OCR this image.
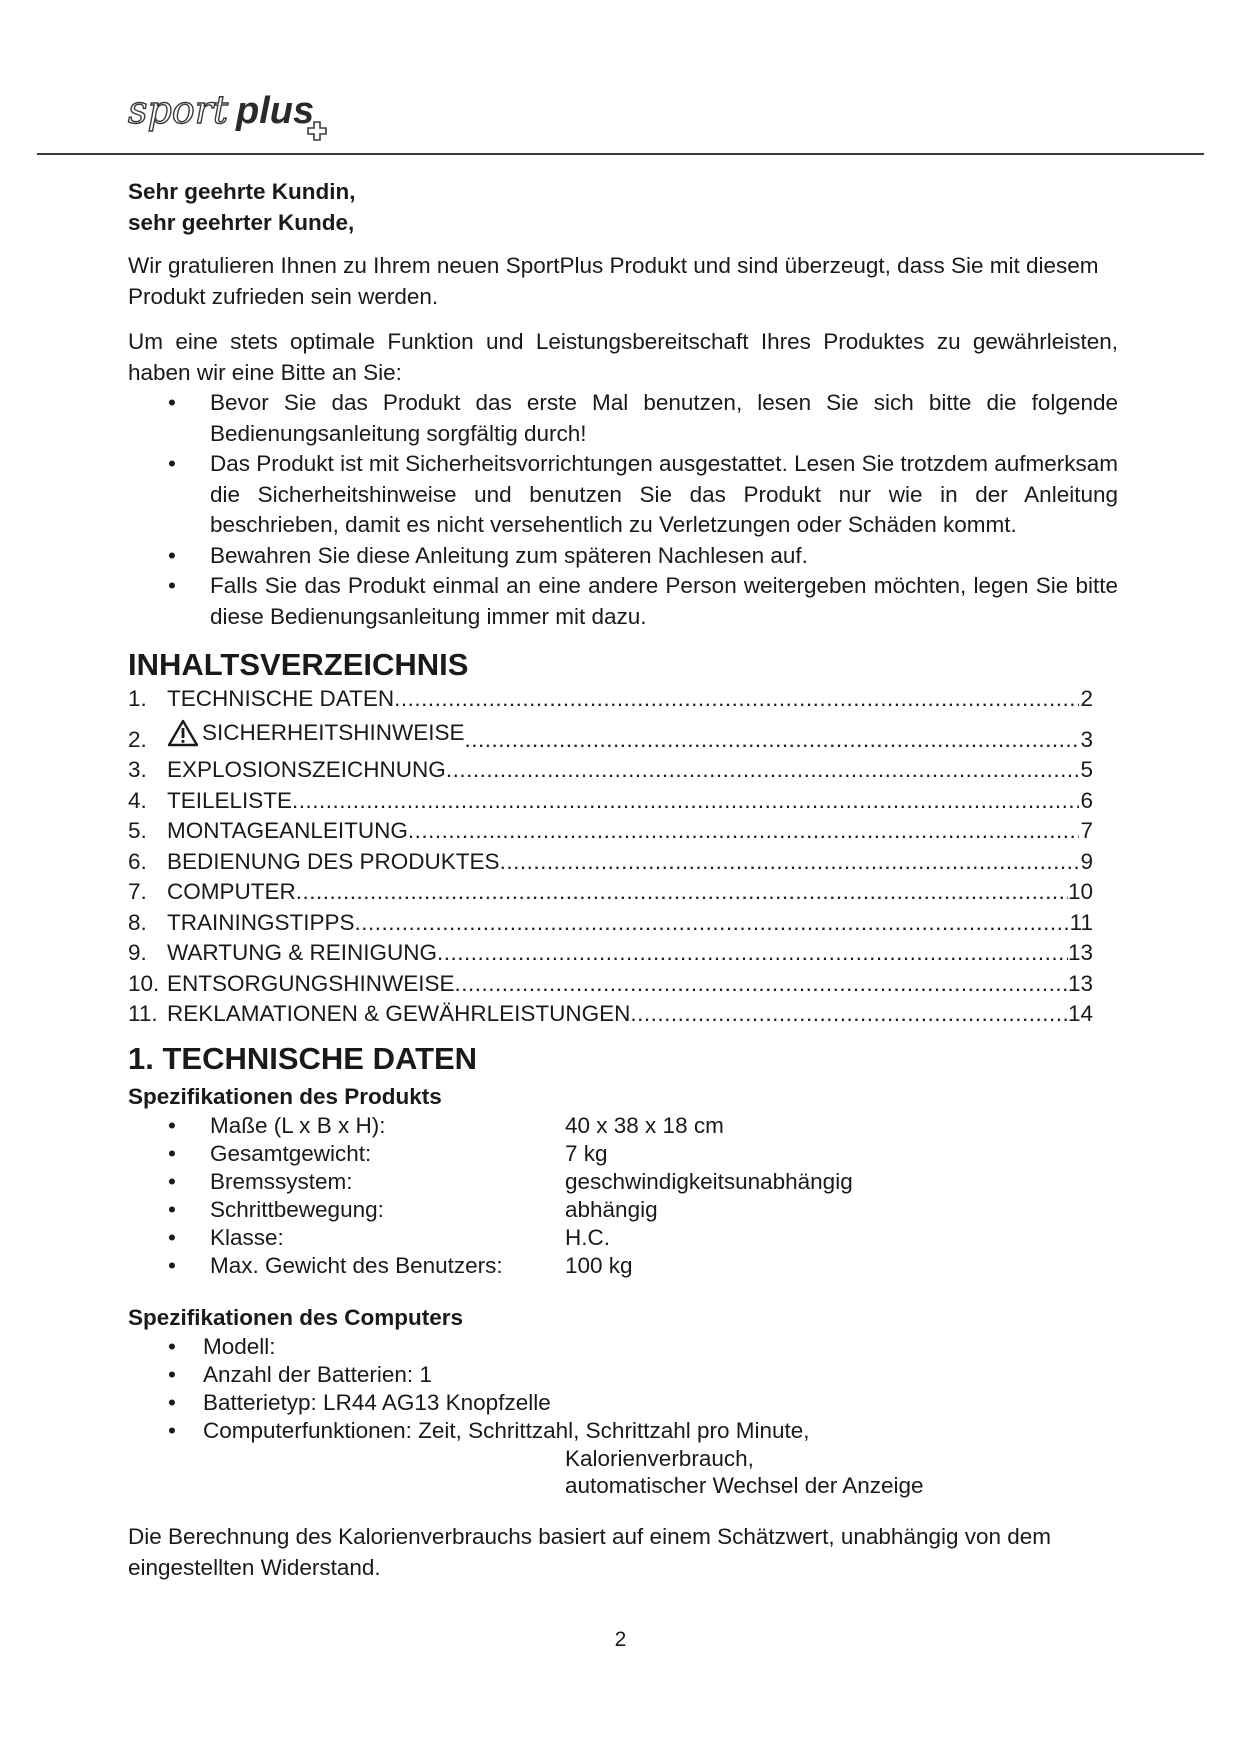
sport plus
Sehr geehrte Kundin,
sehr geehrter Kunde,

Wir gratulieren Ihnen zu Ihrem neuen SportPlus Produkt und sind überzeugt, dass Sie mit diesem Produkt zufrieden sein werden.

Um eine stets optimale Funktion und Leistungsbereitschaft Ihres Produktes zu gewährleisten, haben wir eine Bitte an Sie:

• Bevor Sie das Produkt das erste Mal benutzen, lesen Sie sich bitte die folgende Bedienungsanleitung sorgfältig durch!
• Das Produkt ist mit Sicherheitsvorrichtungen ausgestattet. Lesen Sie trotzdem aufmerksam die Sicherheitshinweise und benutzen Sie das Produkt nur wie in der Anleitung beschrieben, damit es nicht versehentlich zu Verletzungen oder Schäden kommt.
• Bewahren Sie diese Anleitung zum späteren Nachlesen auf.
• Falls Sie das Produkt einmal an eine andere Person weitergeben möchten, legen Sie bitte diese Bedienungsanleitung immer mit dazu.
INHALTSVERZEICHNIS
1. TECHNISCHE DATEN .....	2
2.	SICHERHEITSHINWEISE .....	3
3. EXPLOSIONSZEICHNUNG .....	5
4. TEILELISTE .....	6
5. MONTAGEANLEITUNG .....	7
6. BEDIENUNG DES PRODUKTES .....	9
7. COMPUTER .....	10
8. TRAININGSTIPPS .....	11
9. WARTUNG & REINIGUNG .....	13
10. ENTSORGUNGSHINWEISE .....	13
11. REKLAMATIONEN & GEWÄHRLEISTUNGEN .....	14
1. TECHNISCHE DATEN
Spezifikationen des Produkts
• Maße (L x B x H):	40 x 38 x 18 cm
• Gesamtgewicht:	7 kg
• Bremssystem:	geschwindigkeitsunabhängig
• Schrittbewegung:	abhängig
• Klasse:	H.C.
• Max. Gewicht des Benutzers:	100 kg
Spezifikationen des Computers
• Modell:
• Anzahl der Batterien: 1
• Batterietyp: LR44 AG13 Knopfzelle
• Computerfunktionen: Zeit, Schrittzahl, Schrittzahl pro Minute,
Kalorienverbrauch,
automatischer Wechsel der Anzeige

Die Berechnung des Kalorienverbrauchs basiert auf einem Schätzwert, unabhängig von dem eingestellten Widerstand.

2
